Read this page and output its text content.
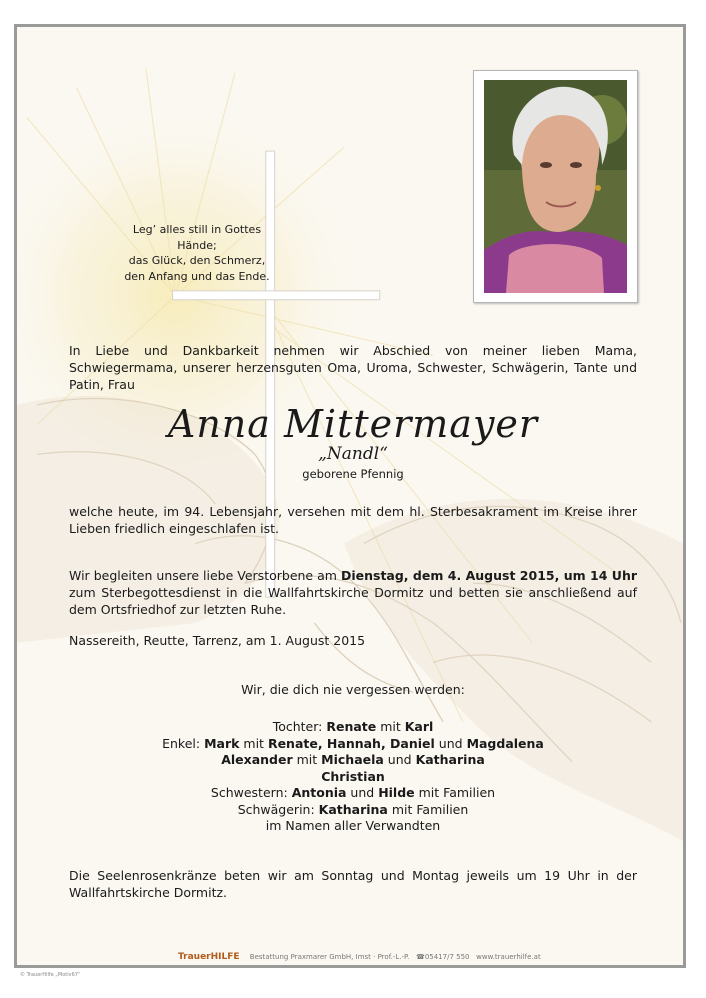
Leg’ alles still in Gottes Hände;
das Glück, den Schmerz,
den Anfang und das Ende.
In Liebe und Dankbarkeit nehmen wir Abschied von meiner lieben Mama, Schwiegermama, unserer herzensguten Oma, Uroma, Schwester, Schwägerin, Tante und Patin, Frau
Anna Mittermayer
„Nandl“
geborene Pfennig
welche heute, im 94. Lebensjahr, versehen mit dem hl. Sterbesakrament im Kreise ihrer Lieben friedlich eingeschlafen ist.
Wir begleiten unsere liebe Verstorbene am Dienstag, dem 4. August 2015, um 14 Uhr zum Sterbegottesdienst in die Wallfahrtskirche Dormitz und betten sie anschließend auf dem Ortsfriedhof zur letzten Ruhe.
Nassereith, Reutte, Tarrenz, am 1. August 2015
Wir, die dich nie vergessen werden:
Tochter: Renate mit Karl
Enkel: Mark mit Renate, Hannah, Daniel und Magdalena
Alexander mit Michaela und Katharina
Christian
Schwestern: Antonia und Hilde mit Familien
Schwägerin: Katharina mit Familien
im Namen aller Verwandten
Die Seelenrosenkränze beten wir am Sonntag und Montag jeweils um 19 Uhr in der Wallfahrtskirche Dormitz.
TrauerHILFE Bestattung Praxmarer GmbH, Imst · Prof.-L.-P. ☎05417/7 550 www.trauerhilfe.at
© TrauerHilfe „Motiv67“
